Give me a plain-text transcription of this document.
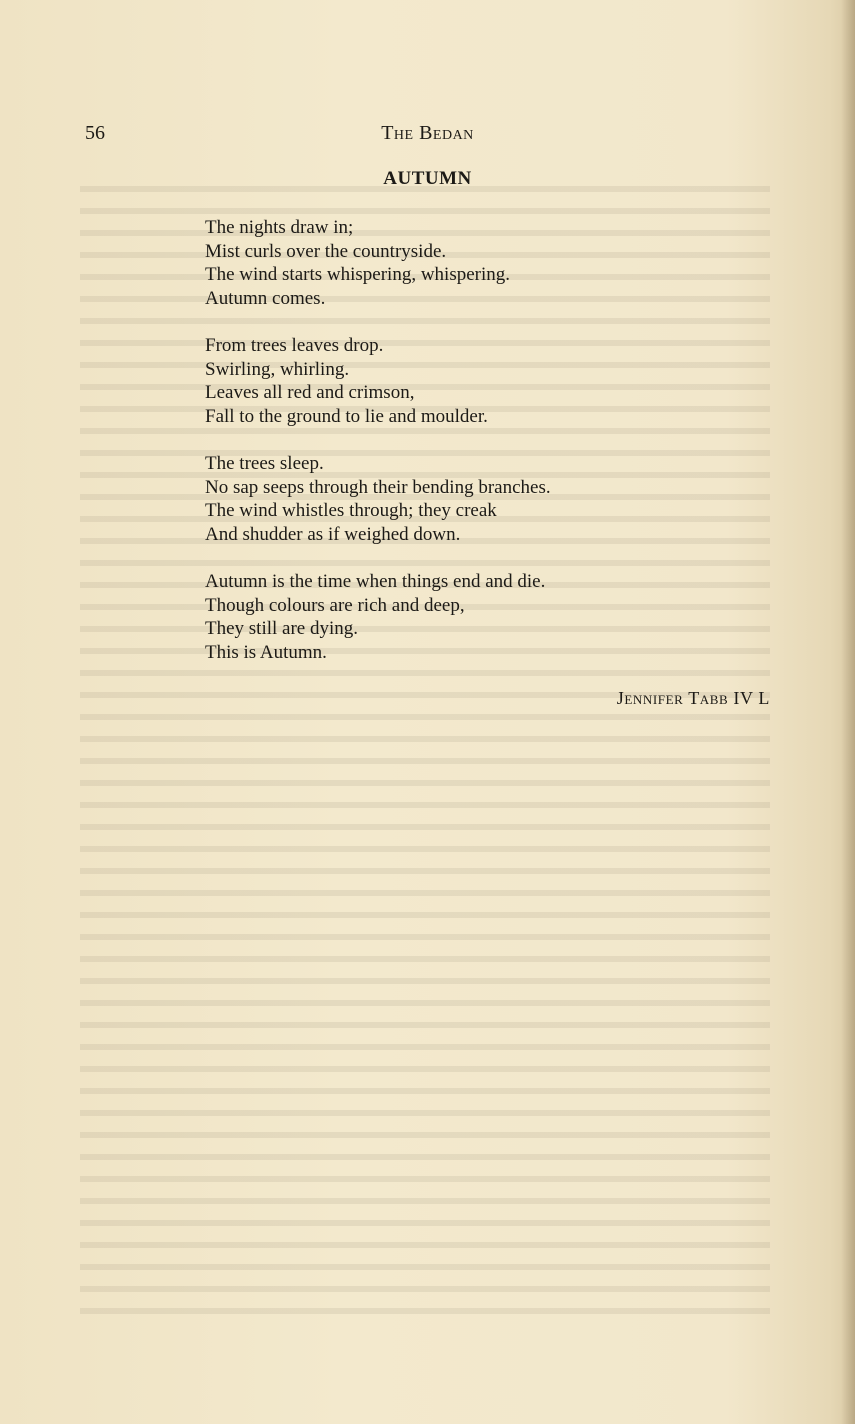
56	The Bedan
AUTUMN
The nights draw in;
Mist curls over the countryside.
The wind starts whispering, whispering.
Autumn comes.
From trees leaves drop.
Swirling, whirling.
Leaves all red and crimson,
Fall to the ground to lie and moulder.
The trees sleep.
No sap seeps through their bending branches.
The wind whistles through; they creak
And shudder as if weighed down.
Autumn is the time when things end and die.
Though colours are rich and deep,
They still are dying.
This is Autumn.
Jennifer Tabb IV L
